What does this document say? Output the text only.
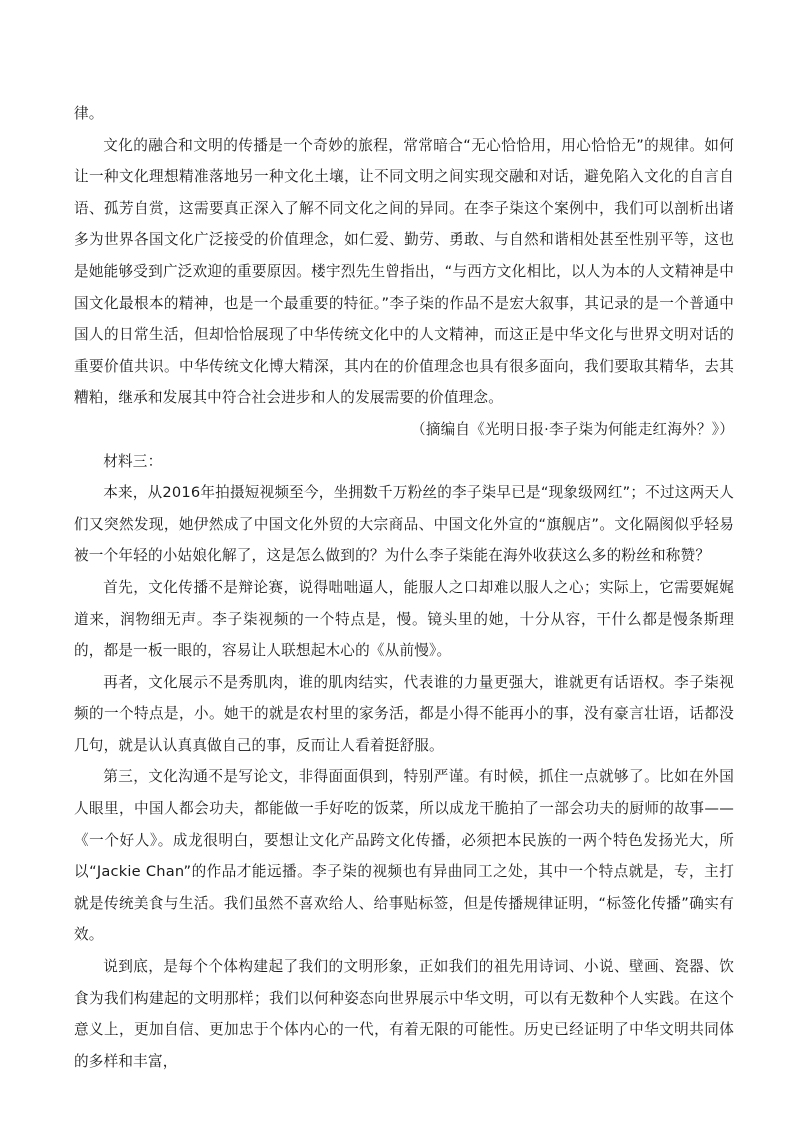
律。

文化的融合和文明的传播是一个奇妙的旅程，常常暗合“无心恰恰用，用心恰恰无”的规律。如何让一种文化理想精准落地另一种文化土壤，让不同文明之间实现交融和对话，避免陷入文化的自言自语、孤芳自赏，这需要真正深入了解不同文化之间的异同。在李子柒这个案例中，我们可以剖析出诸多为世界各国文化广泛接受的价值理念，如仁爱、勤劳、勇敢、与自然和谐相处甚至性别平等，这也是她能够受到广泛欢迎的重要原因。楼宇烈先生曾指出，“与西方文化相比，以人为本的人文精神是中国文化最根本的精神，也是一个最重要的特征。”李子柒的作品不是宏大叙事，其记录的是一个普通中国人的日常生活，但却恰恰展现了中华传统文化中的人文精神，而这正是中华文化与世界文明对话的重要价值共识。中华传统文化博大精深，其内在的价值理念也具有很多面向，我们要取其精华，去其糟粕，继承和发展其中符合社会进步和人的发展需要的价值理念。

（摘编自《光明日报·李子柒为何能走红海外？》）

材料三：

本来，从2016年拍摄短视频至今，坐拥数千万粉丝的李子柒早已是“现象级网红”；不过这两天人们又突然发现，她伊然成了中国文化外贸的大宗商品、中国文化外宣的“旗舰店”。文化隔阂似乎轻易被一个年轻的小姑娘化解了，这是怎么做到的？为什么李子柒能在海外收获这么多的粉丝和称赞？

首先，文化传播不是辩论赛，说得咄咄逼人，能服人之口却难以服人之心；实际上，它需要娓娓道来，润物细无声。李子柒视频的一个特点是，慢。镜头里的她，十分从容，干什么都是慢条斯理的，都是一板一眼的，容易让人联想起木心的《从前慢》。

再者，文化展示不是秀肌肉，谁的肌肉结实，代表谁的力量更强大，谁就更有话语权。李子柒视频的一个特点是，小。她干的就是农村里的家务活，都是小得不能再小的事，没有豪言壮语，话都没几句，就是认认真真做自己的事，反而让人看着挺舒服。

第三，文化沟通不是写论文，非得面面俱到，特别严谨。有时候，抓住一点就够了。比如在外国人眼里，中国人都会功夫，都能做一手好吃的饭菜，所以成龙干脆拍了一部会功夫的厨师的故事——《一个好人》。成龙很明白，要想让文化产品跨文化传播，必须把本民族的一两个特色发扬光大，所以“Jackie Chan”的作品才能远播。李子柒的视频也有异曲同工之处，其中一个特点就是，专，主打就是传统美食与生活。我们虽然不喜欢给人、给事贴标签，但是传播规律证明，“标签化传播”确实有效。

说到底，是每个个体构建起了我们的文明形象，正如我们的祖先用诗词、小说、壁画、瓷器、饮食为我们构建起的文明那样；我们以何种姿态向世界展示中华文明，可以有无数种个人实践。在这个意义上，更加自信、更加忠于个体内心的一代，有着无限的可能性。历史已经证明了中华文明共同体的多样和丰富，
